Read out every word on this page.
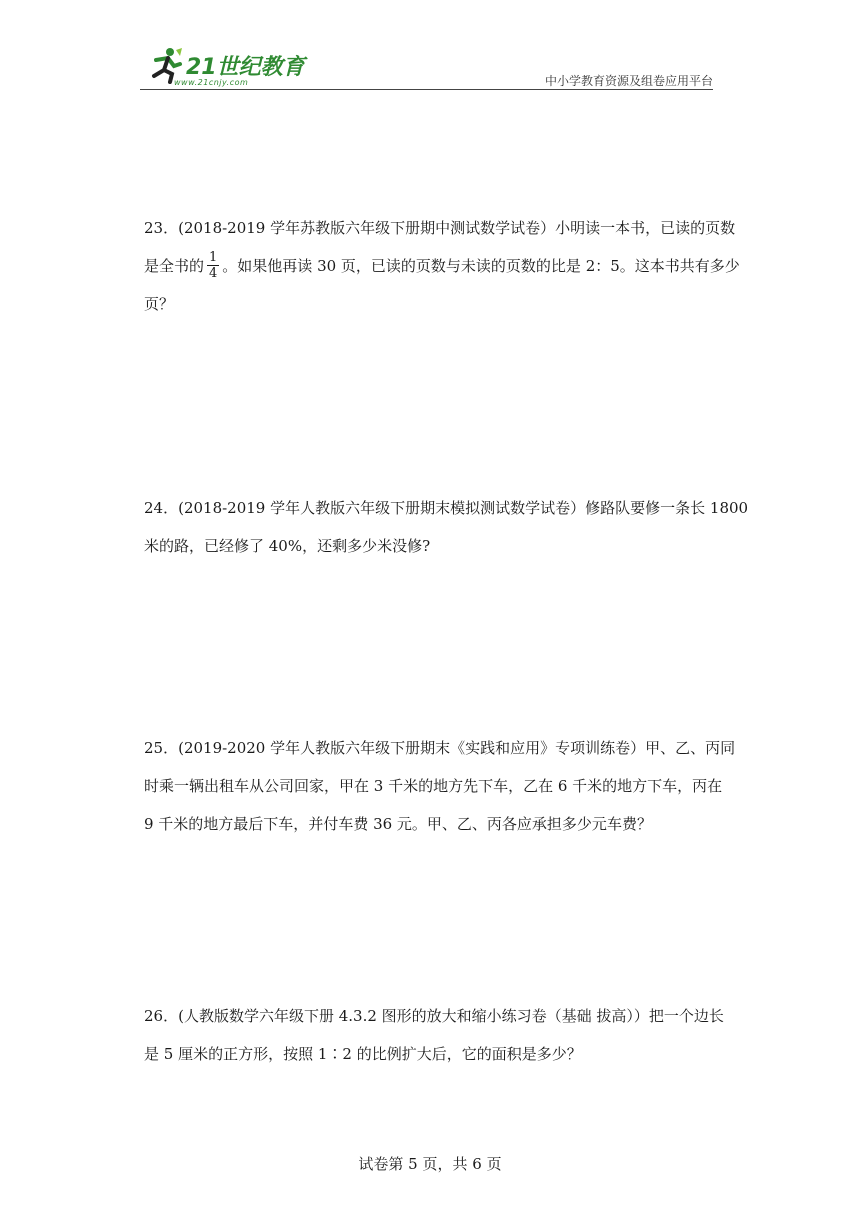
21世纪教育
www.21cnjy.com	中小学教育资源及组卷应用平台

23．(2018-2019 学年苏教版六年级下册期中测试数学试卷）小明读一本书，已读的页数

是全书的 $\frac{1}{4}$ 。如果他再读 30 页，已读的页数与未读的页数的比是 2：5。这本书共有多少

页？

24．(2018-2019 学年人教版六年级下册期末模拟测试数学试卷）修路队要修一条长 1800

米的路，已经修了 40%，还剩多少米没修?

25．(2019-2020 学年人教版六年级下册期末《实践和应用》专项训练卷）甲、乙、丙同

时乘一辆出租车从公司回家，甲在 3 千米的地方先下车，乙在 6 千米的地方下车，丙在

9 千米的地方最后下车，并付车费 36 元。甲、乙、丙各应承担多少元车费？

26．(人教版数学六年级下册 4.3.2 图形的放大和缩小练习卷（基础 拔高））把一个边长

是 5 厘米的正方形，按照 1∶2 的比例扩大后，它的面积是多少？

试卷第 5 页，共 6 页
